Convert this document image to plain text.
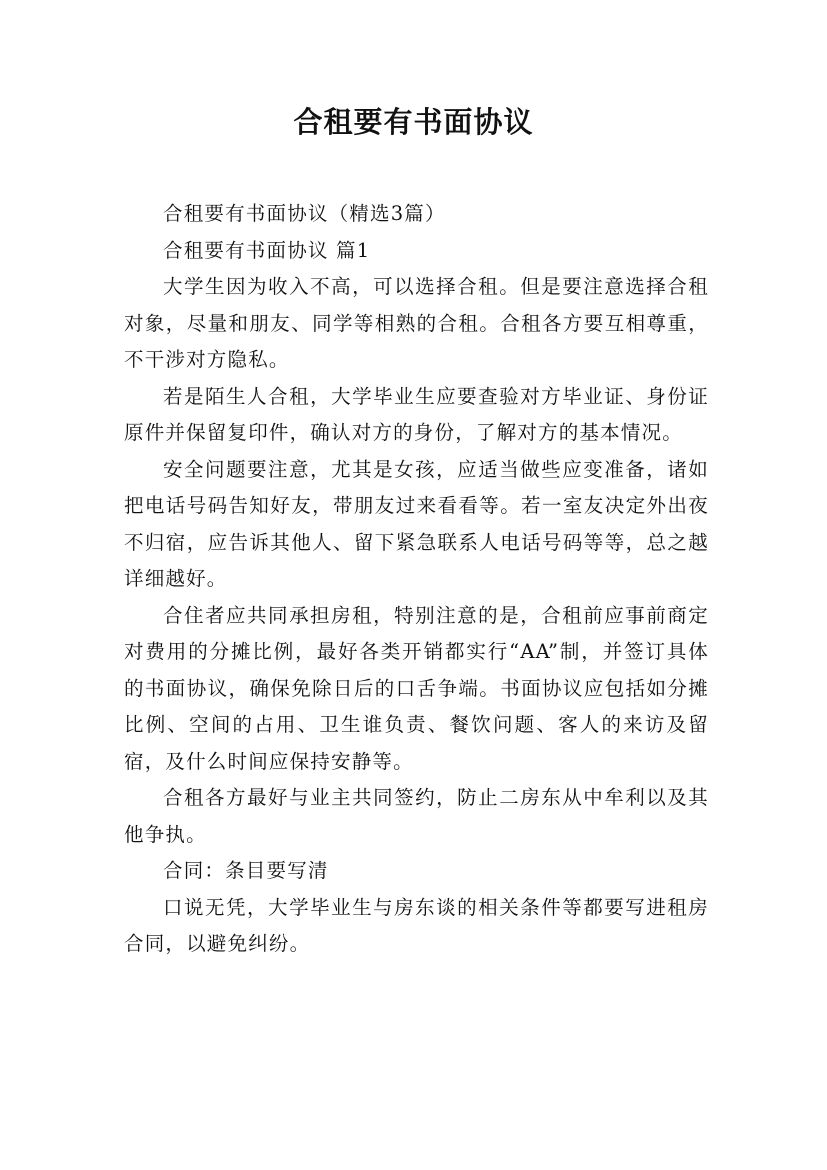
合租要有书面协议

合租要有书面协议（精选3篇）

合租要有书面协议 篇1

大学生因为收入不高，可以选择合租。但是要注意选择合租对象，尽量和朋友、同学等相熟的合租。合租各方要互相尊重，不干涉对方隐私。

若是陌生人合租，大学毕业生应要查验对方毕业证、身份证原件并保留复印件，确认对方的身份，了解对方的基本情况。

安全问题要注意，尤其是女孩，应适当做些应变准备，诸如把电话号码告知好友，带朋友过来看看等。若一室友决定外出夜不归宿，应告诉其他人、留下紧急联系人电话号码等等，总之越详细越好。

合住者应共同承担房租，特别注意的是，合租前应事前商定对费用的分摊比例，最好各类开销都实行“AA”制，并签订具体的书面协议，确保免除日后的口舌争端。书面协议应包括如分摊比例、空间的占用、卫生谁负责、餐饮问题、客人的来访及留宿，及什么时间应保持安静等。

合租各方最好与业主共同签约，防止二房东从中牟利以及其他争执。

合同：条目要写清

口说无凭，大学毕业生与房东谈的相关条件等都要写进租房合同，以避免纠纷。
